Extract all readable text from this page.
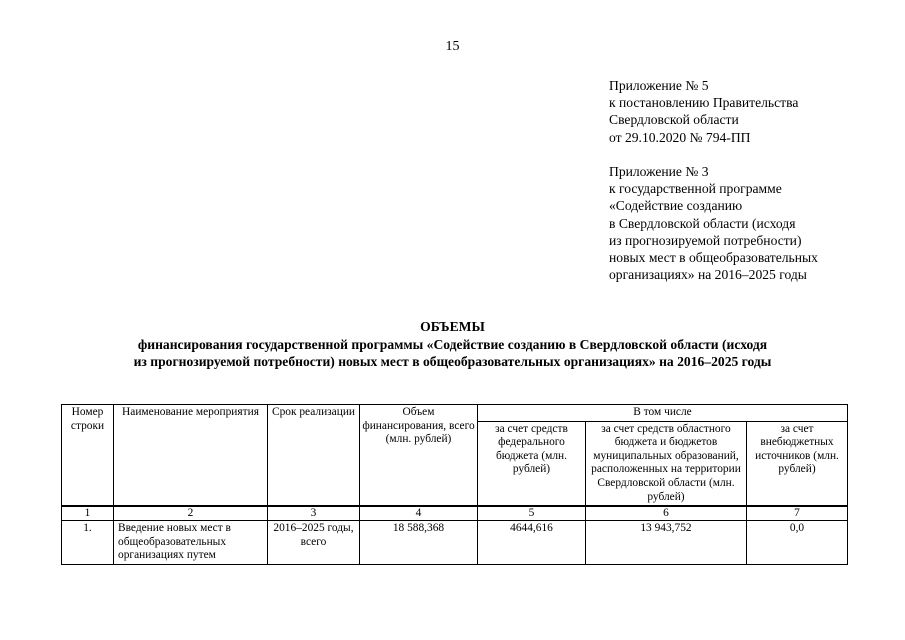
15
Приложение № 5
к постановлению Правительства
Свердловской области
от 29.10.2020 № 794-ПП
Приложение № 3
к государственной программе
«Содействие созданию
в Свердловской области (исходя
из прогнозируемой потребности)
новых мест в общеобразовательных
организациях» на 2016–2025 годы
ОБЪЕМЫ
финансирования государственной программы «Содействие созданию в Свердловской области (исходя
из прогнозируемой потребности) новых мест в общеобразовательных организациях» на 2016–2025 годы
Номер строки	Наименование мероприятия	Срок реализации	Объем финансирования, всего (млн. рублей)	В том числе		
				за счет средств федерального бюджета (млн. рублей)	за счет средств областного бюджета и бюджетов муниципальных образований, расположенных на территории Свердловской области (млн. рублей)	за счет внебюджетных источников (млн. рублей)
1	2	3	4	5	6	7
1.	Введение новых мест в общеобразовательных организациях путем	2016–2025 годы, всего	18 588,368	4644,616	13 943,752	0,0
